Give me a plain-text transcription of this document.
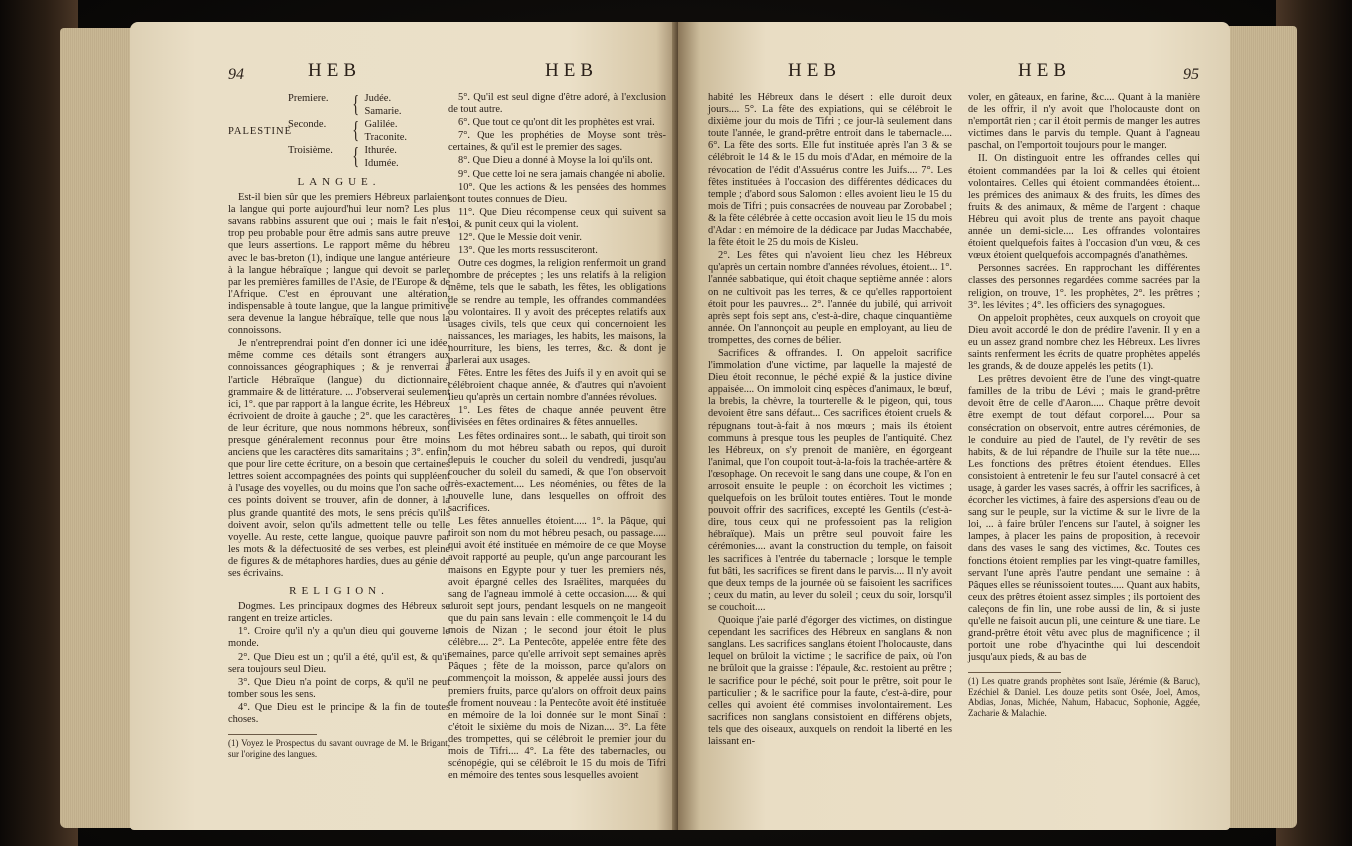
94	HEB	HEB
PALESTINE
Premiere. { Judée.
Samarie.
Seconde.	{ Galilée.
Traconite.
Troisième. { Ithurée.
Idumée.
LANGUE.

Est-il bien sûr que les premiers Hébreux parlaient la langue qui porte aujourd'hui leur nom? Les plus savans rabbins assurent que oui ; mais le fait n'est trop peu probable pour être admis sans autre preuve que leurs assertions. Le rapport même du hébreu avec le bas-breton (1), indique une langue antérieure à la langue hébraïque ; langue qui devoit se parler par les premières familles de l'Asie, de l'Europe & de l'Afrique. C'est en éprouvant une altération, indispensable à toute langue, que la langue primitive sera devenue la langue hébraïque, telle que nous la connoissons.

Je n'entreprendrai point d'en donner ici une idée, même comme ces détails sont étrangers aux connoissances géographiques ; & je renverrai à l'article Hébraïque (langue) du dictionnaire, grammaire & de littérature. ... J'observerai seulement ici, 1°. que par rapport à la langue écrite, les Hébreux écrivoient de droite à gauche ; 2°. que les caractères de leur écriture, que nous nommons hébreux, sont presque généralement reconnus pour être moins anciens que les caractères dits samaritains ; 3°. enfin, que pour lire cette écriture, on a besoin que certaines lettres soient accompagnées des points qui suppléent à l'usage des voyelles, ou du moins que l'on sache où ces points doivent se trouver, afin de donner, à la plus grande quantité des mots, le sens précis qu'ils doivent avoir, selon qu'ils admettent telle ou telle voyelle. Au reste, cette langue, quoique pauvre par les mots & la défectuosité de ses verbes, est pleine de figures & de métaphores hardies, dues au génie de ses écrivains.

RELIGION.

Dogmes. Les principaux dogmes des Hébreux se rangent en treize articles.

1°. Croire qu'il n'y a qu'un dieu qui gouverne le monde.

2°. Que Dieu est un ; qu'il a été, qu'il est, & qu'il sera toujours seul Dieu.

3°. Que Dieu n'a point de corps, & qu'il ne peut tomber sous les sens.

4°. Que Dieu est le principe & la fin de toutes choses.

(1) Voyez le Prospectus du savant ouvrage de M. le Brigant, sur l'origine des langues.

5°. Qu'il est seul digne d'être adoré, à l'exclusion de tout autre.

6°. Que tout ce qu'ont dit les prophètes est vrai.

7°. Que les prophéties de Moyse sont très-certaines, & qu'il est le premier des sages.

8°. Que Dieu a donné à Moyse la loi qu'ils ont.

9°. Que cette loi ne sera jamais changée ni abolie.

10°. Que les actions & les pensées des hommes sont toutes connues de Dieu.

11°. Que Dieu récompense ceux qui suivent sa loi, & punit ceux qui la violent.

12°. Que le Messie doit venir.

13°. Que les morts ressusciteront.

Outre ces dogmes, la religion renfermoit un grand nombre de préceptes ; les uns relatifs à la religion même, tels que le sabath, les fêtes, les obligations de se rendre au temple, les offrandes commandées ou volontaires. Il y avoit des préceptes relatifs aux usages civils, tels que ceux qui concernoient les naissances, les mariages, les habits, les maisons, la nourriture, les biens, les terres, &c. & dont je parlerai aux usages.

Fêtes. Entre les fêtes des Juifs il y en avoit qui se célébroient chaque année, & d'autres qui n'avoient lieu qu'après un certain nombre d'années révolues.

1°. Les fêtes de chaque année peuvent être divisées en fêtes ordinaires & fêtes annuelles.

Les fêtes ordinaires sont... le sabath, qui tiroit son nom du mot hébreu sabath ou repos, qui duroit depuis le coucher du soleil du vendredi, jusqu'au coucher du soleil du samedi, & que l'on observoit très-exactement.... Les néoménies, ou fêtes de la nouvelle lune, dans lesquelles on offroit des sacrifices.

Les fêtes annuelles étoient..... 1°. la Pâque, qui tiroit son nom du mot hébreu pesach, ou passage..... qui avoit été instituée en mémoire de ce que Moyse avoit rapporté au peuple, qu'un ange parcourant les maisons en Egypte pour y tuer les premiers nés, avoit épargné celles des Israëlites, marquées du sang de l'agneau immolé à cette occasion..... & qui duroit sept jours, pendant lesquels on ne mangeoit que du pain sans levain : elle commençoit le 14 du mois de Nizan ; le second jour étoit le plus célèbre.... 2°. La Pentecôte, appelée entre fête des semaines, parce qu'elle arrivoit sept semaines après Pâques ; fête de la moisson, parce qu'alors on commençoit la moisson, & appelée aussi jours des premiers fruits, parce qu'alors on offroit deux pains de froment nouveau : la Pentecôte avoit été instituée en mémoire de la loi donnée sur le mont Sinaï : c'étoit le sixième du mois de Nizan.... 3°. La fête des trompettes, qui se célébroit le premier jour du mois de Tifri.... 4°. La fête des tabernacles, ou scénopégie, qui se célébroit le 15 du mois de Tifri en mémoire des tentes sous lesquelles avoient

HEB	HEB	95

habité les Hébreux dans le désert : elle duroit deux jours.... 5°. La fête des expiations, qui se célébroit le dixième jour du mois de Tifri ; ce jour-là seulement dans toute l'année, le grand-prêtre entroit dans le tabernacle.... 6°. La fête des sorts. Elle fut instituée après l'an 3 & se célébroit le 14 & le 15 du mois d'Adar, en mémoire de la révocation de l'édit d'Assuérus contre les Juifs.... 7°. Les fêtes instituées à l'occasion des différentes dédicaces du temple ; d'abord sous Salomon : elles avoient lieu le 15 du mois de Tifri ; puis consacrées de nouveau par Zorobabel ; & la fête célébrée à cette occasion avoit lieu le 15 du mois d'Adar : en mémoire de la dédicace par Judas Macchabée, la fête étoit le 25 du mois de Kisleu.

2°. Les fêtes qui n'avoient lieu chez les Hébreux qu'après un certain nombre d'années révolues, étoient... 1°. l'année sabbatique, qui étoit chaque septième année : alors on ne cultivoit pas les terres, & ce qu'elles rapportoient étoit pour les pauvres... 2°. l'année du jubilé, qui arrivoit après sept fois sept ans, c'est-à-dire, chaque cinquantième année. On l'annonçoit au peuple en employant, au lieu de trompettes, des cornes de bélier.

Sacrifices & offrandes. I. On appeloit sacrifice l'immolation d'une victime, par laquelle la majesté de Dieu étoit reconnue, le péché expié & la justice divine appaisée.... On immoloit cinq espèces d'animaux, le bœuf, la brebis, la chèvre, la tourterelle & le pigeon, qui, tous devoient être sans défaut... Ces sacrifices étoient cruels & répugnans tout-à-fait à nos mœurs ; mais ils étoient communs à presque tous les peuples de l'antiquité. Chez les Hébreux, on s'y prenoit de manière, en égorgeant l'animal, que l'on coupoit tout-à-la-fois la trachée-artère & l'œsophage. On recevoit le sang dans une coupe, & l'on en arrosoit ensuite le peuple : on écorchoit les victimes ; quelquefois on les brûloit toutes entières. Tout le monde pouvoit offrir des sacrifices, excepté les Gentils (c'est-à-dire, tous ceux qui ne professoient pas la religion hébraïque). Mais un prêtre seul pouvoit faire les cérémonies.... avant la construction du temple, on faisoit les sacrifices à l'entrée du tabernacle ; lorsque le temple fut bâti, les sacrifices se firent dans le parvis.... Il n'y avoit que deux temps de la journée où se faisoient les sacrifices ; ceux du matin, au lever du soleil ; ceux du soir, lorsqu'il se couchoit....

Quoique j'aie parlé d'égorger des victimes, on distingue cependant les sacrifices des Hébreux en sanglans & non sanglans. Les sacrifices sanglans étoient l'holocauste, dans lequel on brûloit la victime ; le sacrifice de paix, où l'on ne brûloit que la graisse : l'épaule, &c. restoient au prêtre ; le sacrifice pour le péché, soit pour le prêtre, soit pour le particulier ; & le sacrifice pour la faute, c'est-à-dire, pour celles qui avoient été commises involontairement. Les sacrifices non sanglans consistoient en différens objets, tels que des oiseaux, auxquels on rendoit la liberté en les laissant en-

voler, en gâteaux, en farine, &c.... Quant à la manière de les offrir, il n'y avoit que l'holocauste dont on n'emportât rien ; car il étoit permis de manger les autres victimes dans le parvis du temple. Quant à l'agneau paschal, on l'emportoit toujours pour le manger.

II. On distinguoit entre les offrandes celles qui étoient commandées par la loi & celles qui étoient volontaires. Celles qui étoient commandées étoient... les prémices des animaux & des fruits, les dîmes des fruits & des animaux, & même de l'argent : chaque Hébreu qui avoit plus de trente ans payoit chaque année un demi-sicle.... Les offrandes volontaires étoient quelquefois faites à l'occasion d'un vœu, & ces vœux étoient quelquefois accompagnés d'anathèmes.

Personnes sacrées. En rapprochant les différentes classes des personnes regardées comme sacrées par la religion, on trouve, 1°. les prophètes, 2°. les prêtres ; 3°. les lévites ; 4°. les officiers des synagogues.

On appeloit prophètes, ceux auxquels on croyoit que Dieu avoit accordé le don de prédire l'avenir. Il y en a eu un assez grand nombre chez les Hébreux. Les livres saints renferment les écrits de quatre prophètes appelés les grands, & de douze appelés les petits (1).

Les prêtres devoient être de l'une des vingt-quatre familles de la tribu de Lévi ; mais le grand-prêtre devoit être de celle d'Aaron..... Chaque prêtre devoit être exempt de tout défaut corporel.... Pour sa consécration on observoit, entre autres cérémonies, de le conduire au pied de l'autel, de l'y revêtir de ses habits, & de lui répandre de l'huile sur la tête nue.... Les fonctions des prêtres étoient étendues. Elles consistoient à entretenir le feu sur l'autel consacré à cet usage, à garder les vases sacrés, à offrir les sacrifices, à écorcher les victimes, à faire des aspersions d'eau ou de sang sur le peuple, sur la victime & sur le livre de la loi, ... à faire brûler l'encens sur l'autel, à soigner les lampes, à placer les pains de proposition, à recevoir dans des vases le sang des victimes, &c. Toutes ces fonctions étoient remplies par les vingt-quatre familles, servant l'une après l'autre pendant une semaine : à Pâques elles se réunissoient toutes..... Quant aux habits, ceux des prêtres étoient assez simples ; ils portoient des caleçons de fin lin, une robe aussi de lin, & si juste qu'elle ne faisoit aucun pli, une ceinture & une tiare. Le grand-prêtre étoit vêtu avec plus de magnificence ; il portoit une robe d'hyacinthe qui lui descendoit jusqu'aux pieds, & au bas de

(1) Les quatre grands prophètes sont Isaïe, Jérémie (& Baruc), Ezéchiel & Daniel. Les douze petits sont Osée, Joel, Amos, Abdias, Jonas, Michée, Nahum, Habacuc, Sophonie, Aggée, Zacharie & Malachie.
